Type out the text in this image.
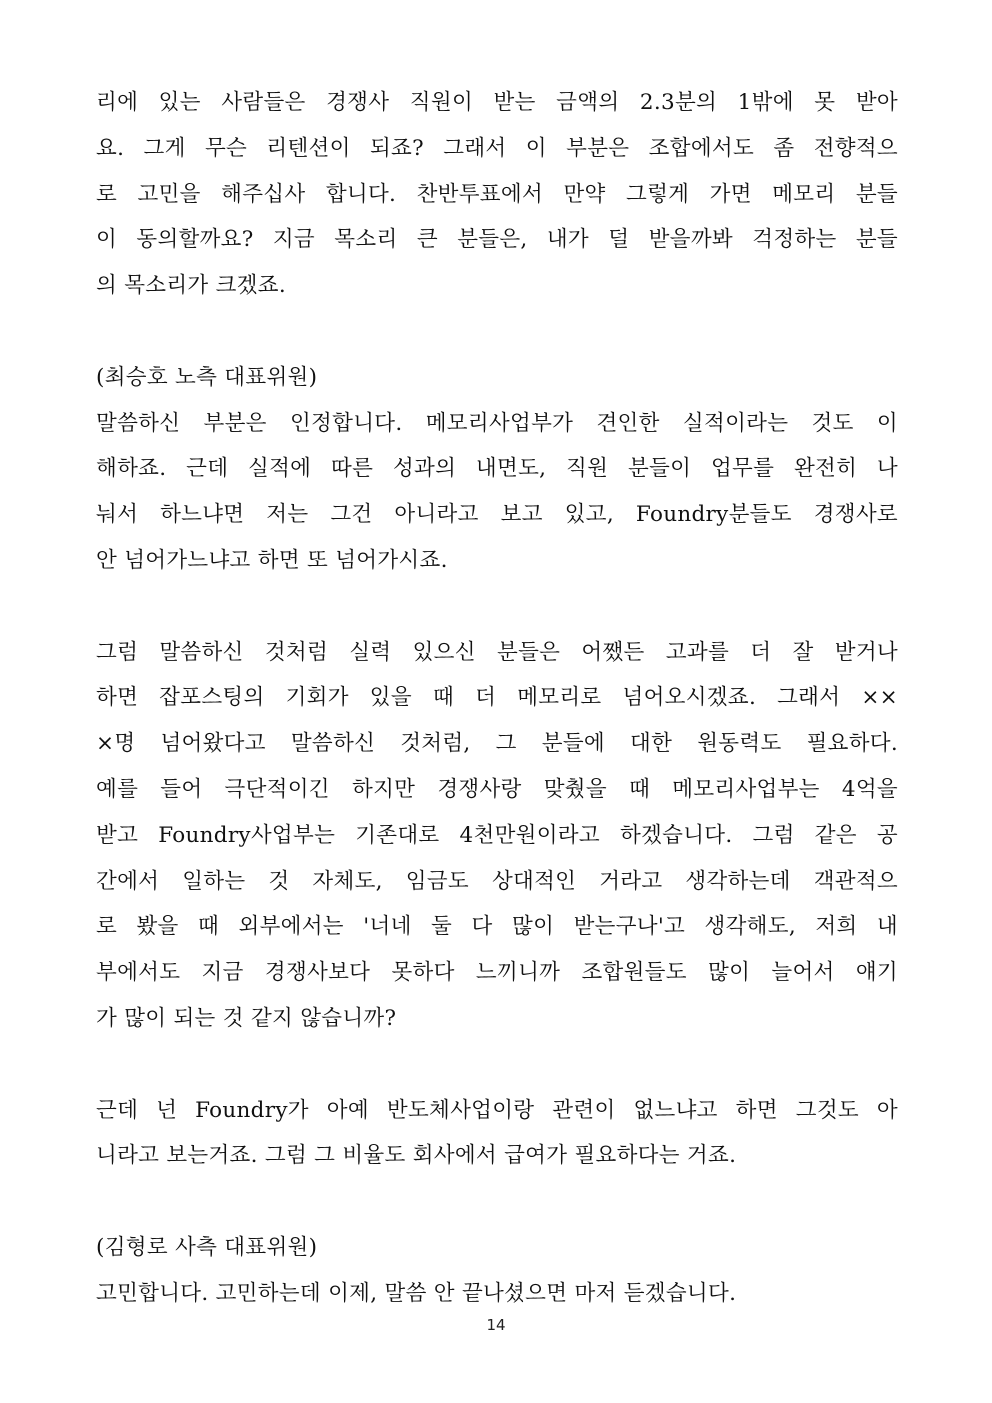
리에 있는 사람들은 경쟁사 직원이 받는 금액의 2.3분의 1밖에 못 받아
요. 그게 무슨 리텐션이 되죠? 그래서 이 부분은 조합에서도 좀 전향적으
로 고민을 해주십사 합니다. 찬반투표에서 만약 그렇게 가면 메모리 분들
이 동의할까요? 지금 목소리 큰 분들은, 내가 덜 받을까봐 걱정하는 분들
의 목소리가 크겠죠.
(최승호 노측 대표위원)
말씀하신 부분은 인정합니다. 메모리사업부가 견인한 실적이라는 것도 이
해하죠. 근데 실적에 따른 성과의 내면도, 직원 분들이 업무를 완전히 나
눠서 하느냐면 저는 그건 아니라고 보고 있고, Foundry분들도 경쟁사로
안 넘어가느냐고 하면 또 넘어가시죠.
그럼 말씀하신 것처럼 실력 있으신 분들은 어쨌든 고과를 더 잘 받거나
하면 잡포스팅의 기회가 있을 때 더 메모리로 넘어오시겠죠. 그래서 ××
×명 넘어왔다고 말씀하신 것처럼, 그 분들에 대한 원동력도 필요하다.
예를 들어 극단적이긴 하지만 경쟁사랑 맞췄을 때 메모리사업부는 4억을
받고 Foundry사업부는 기존대로 4천만원이라고 하겠습니다. 그럼 같은 공
간에서 일하는 것 자체도, 임금도 상대적인 거라고 생각하는데 객관적으
로 봤을 때 외부에서는 '너네 둘 다 많이 받는구나'고 생각해도, 저희 내
부에서도 지금 경쟁사보다 못하다 느끼니까 조합원들도 많이 늘어서 얘기
가 많이 되는 것 같지 않습니까?
근데 넌 Foundry가 아예 반도체사업이랑 관련이 없느냐고 하면 그것도 아
니라고 보는거죠. 그럼 그 비율도 회사에서 급여가 필요하다는 거죠.
(김형로 사측 대표위원)
고민합니다. 고민하는데 이제, 말씀 안 끝나셨으면 마저 듣겠습니다.
14
